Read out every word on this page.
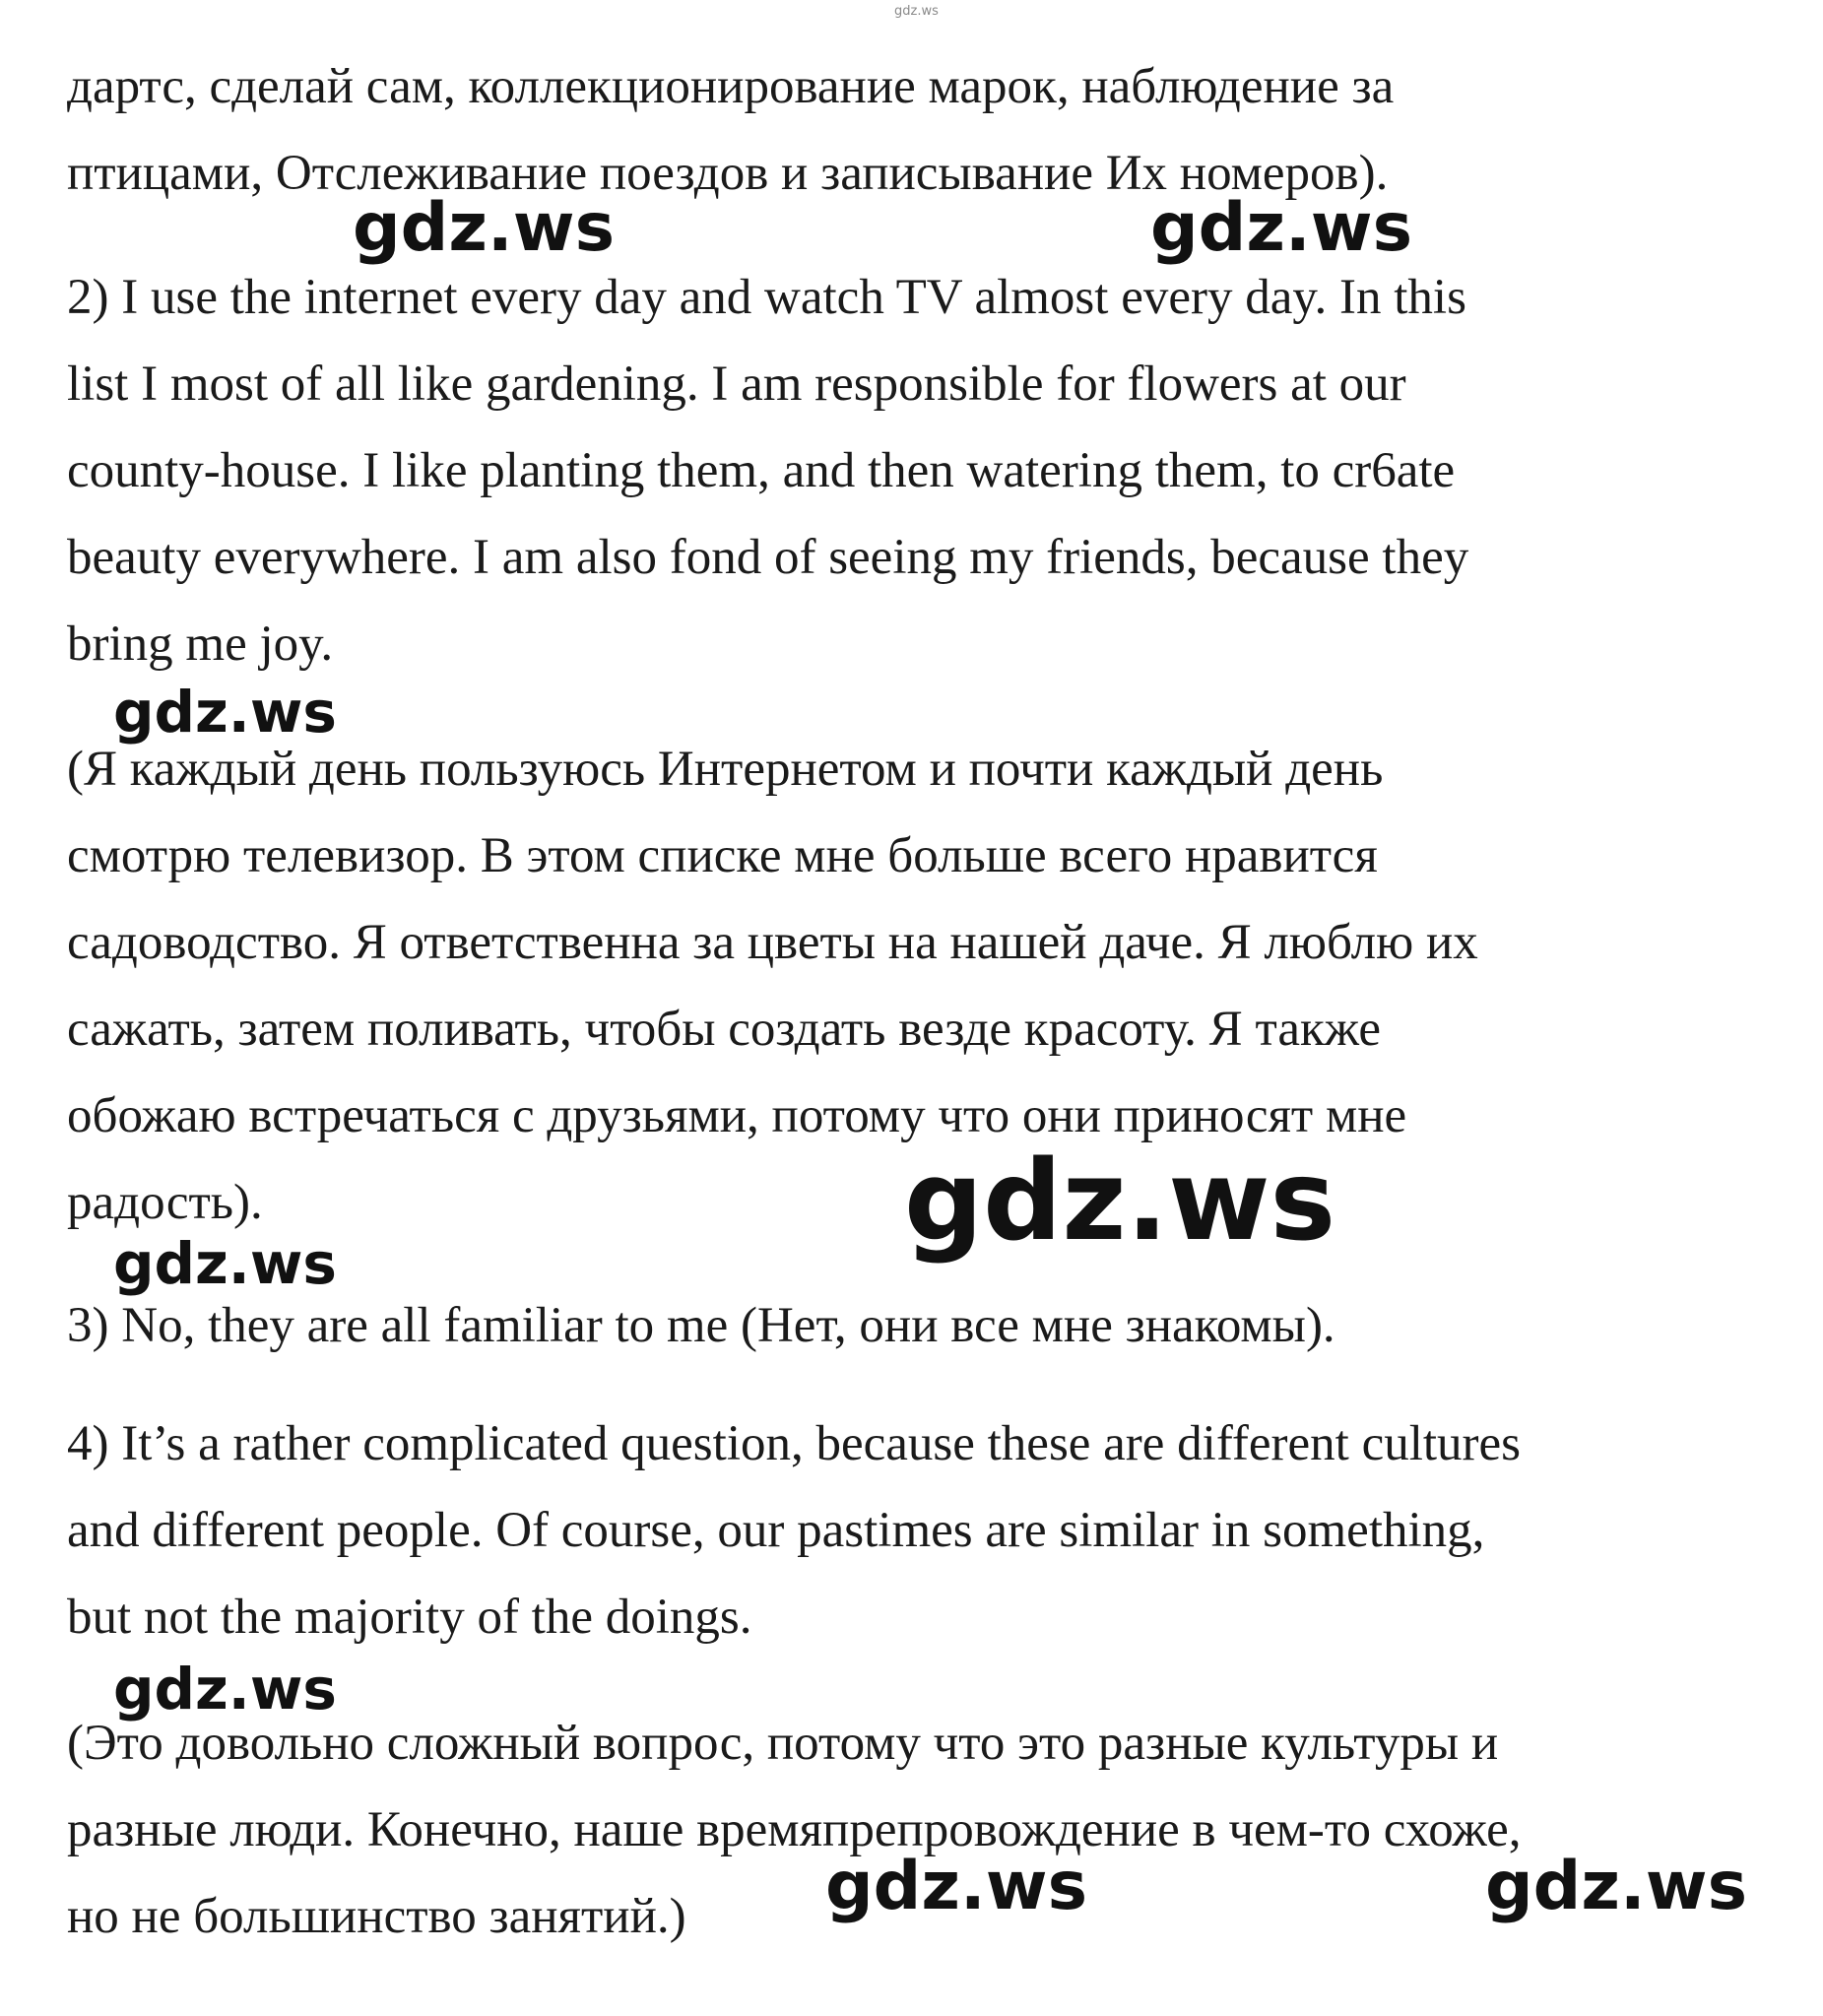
gdz.ws
дартс, сделай сам, коллекционирование марок, наблюдение за
птицами, Отслеживание поездов и записывание Их номеров).
2) I use the internet every day and watch TV almost every day. In this
list I most of all like gardening. I am responsible for flowers at our
county-house. I like planting them, and then watering them, to cr6ate
beauty everywhere. I am also fond of seeing my friends, because they
bring me joy.
(Я каждый день пользуюсь Интернетом и почти каждый день
смотрю телевизор. В этом списке мне больше всего нравится
садоводство. Я ответственна за цветы на нашей даче. Я люблю их
сажать, затем поливать, чтобы создать везде красоту. Я также
обожаю встречаться с друзьями, потому что они приносят мне
радость).
3) No, they are all familiar to me (Нет, они все мне знакомы).
4) It’s a rather complicated question, because these are different cultures
and different people. Of course, our pastimes are similar in something,
but not the majority of the doings.
(Это довольно сложный вопрос, потому что это разные культуры и
разные люди. Конечно, наше времяпрепровождение в чем-то схоже,
но не большинство занятий.)
gdz.ws	gdz.ws
gdz.ws
gdz.ws
gdz.ws
gdz.ws
gdz.ws	gdz.ws
